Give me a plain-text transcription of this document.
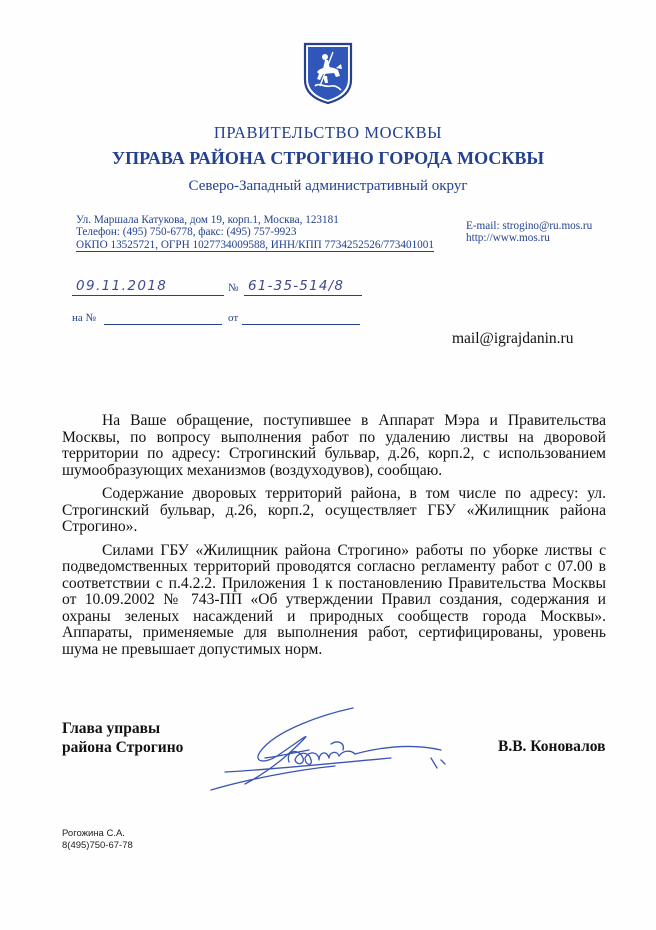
ПРАВИТЕЛЬСТВО МОСКВЫ
УПРАВА РАЙОНА СТРОГИНО ГОРОДА МОСКВЫ
Северо-Западный административный округ
Ул. Маршала Катукова, дом 19, корп.1, Москва, 123181
Телефон: (495) 750-6778, факс: (495) 757-9923
ОКПО 13525721, ОГРН 1027734009588, ИНН/КПП 7734252526/773401001
E-mail: strogino@ru.mos.ru
http://www.mos.ru
09.11.2018	№ 61-35-514/8
на №	от
mail@igrajdanin.ru

На Ваше обращение, поступившее в Аппарат Мэра и Правительства Москвы, по вопросу выполнения работ по удалению листвы на дворовой территории по адресу: Строгинский бульвар, д.26, корп.2, с использованием шумообразующих механизмов (воздуходувов), сообщаю.

Содержание дворовых территорий района, в том числе по адресу: ул. Строгинский бульвар, д.26, корп.2, осуществляет ГБУ «Жилищник района Строгино».

Силами ГБУ «Жилищник района Строгино» работы по уборке листвы с подведомственных территорий проводятся согласно регламенту работ с 07.00 в соответствии с п.4.2.2. Приложения 1 к постановлению Правительства Москвы от 10.09.2002 № 743-ПП «Об утверждении Правил создания, содержания и охраны зеленых насаждений и природных сообществ города Москвы». Аппараты, применяемые для выполнения работ, сертифицированы, уровень шума не превышает допустимых норм.

Глава управы
района Строгино	В.В. Коновалов
Рогожина С.А.
8(495)750-67-78
